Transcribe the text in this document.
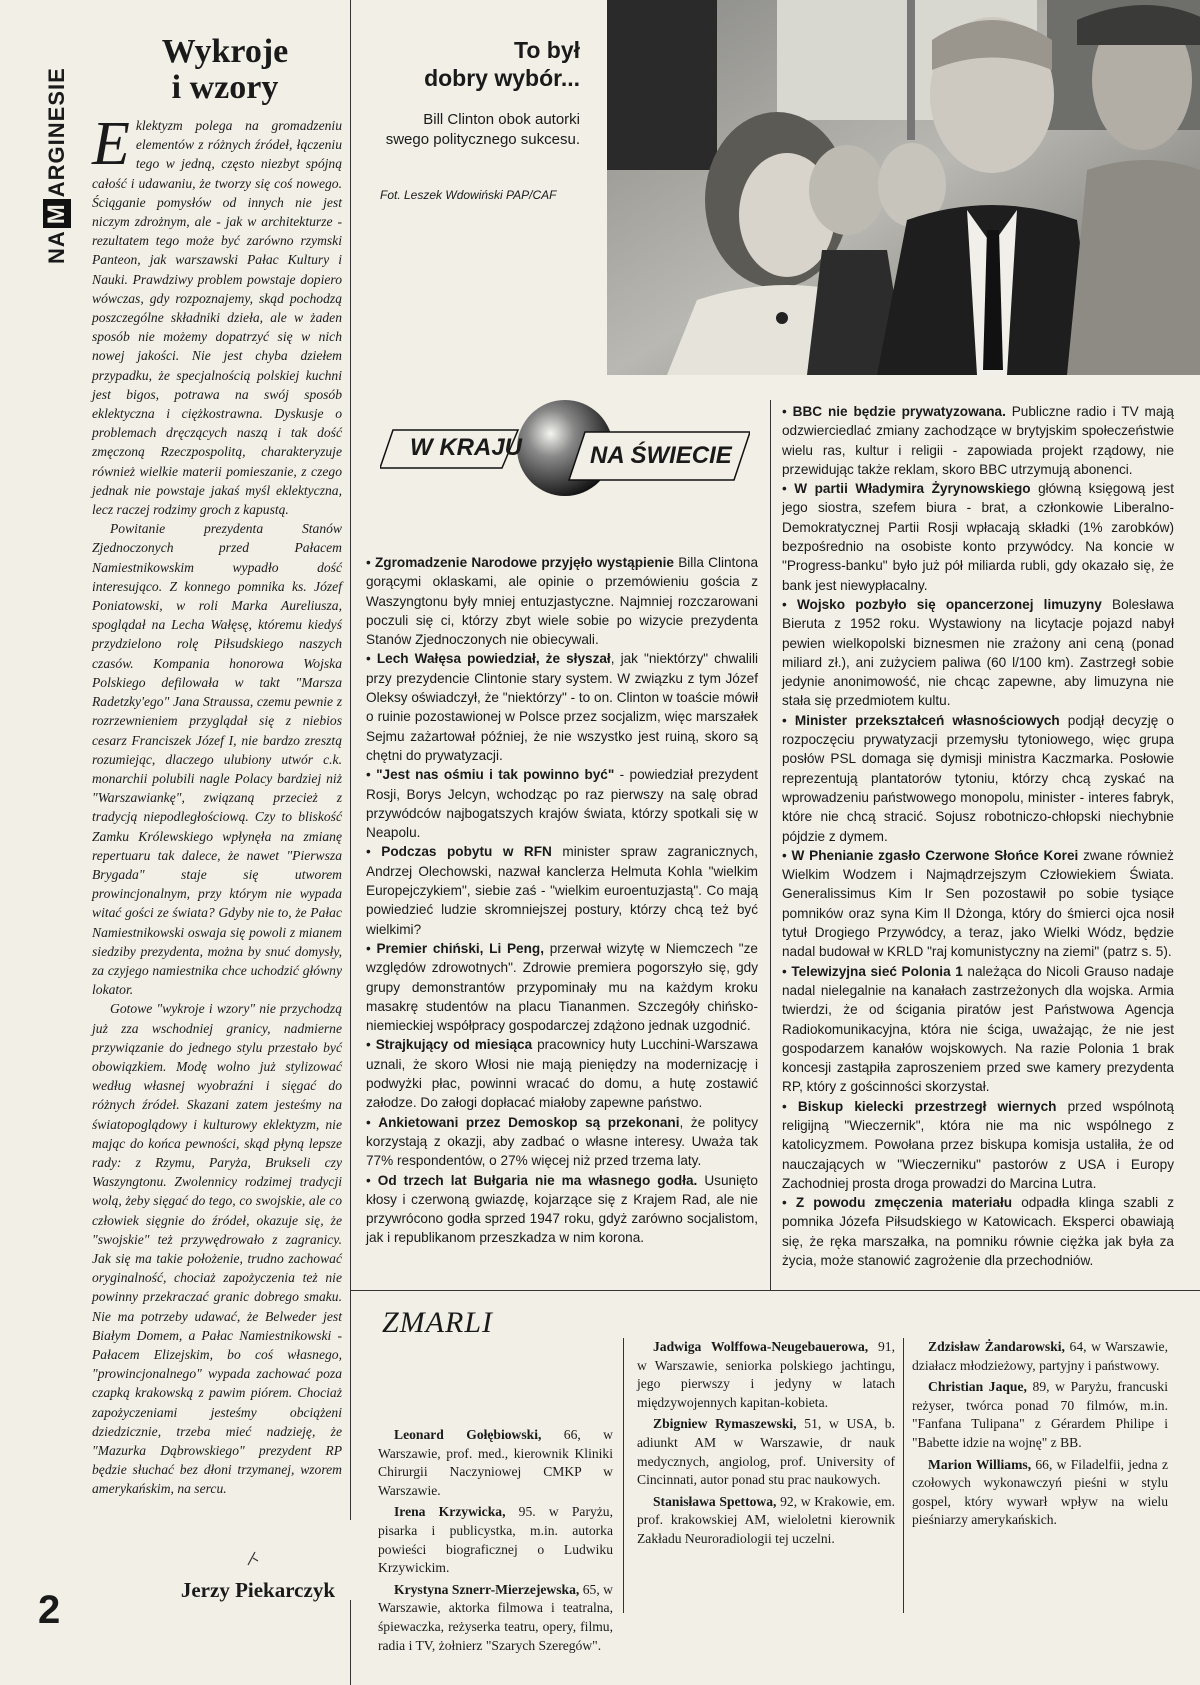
NA
M
ARGINESIE
2
Wykroje
i wzory

Eklektyzm polega na gromadzeniu elementów z różnych źródeł, łączeniu tego w jedną, często niezbyt spójną całość i udawaniu, że tworzy się coś nowego. Ściąganie pomysłów od innych nie jest niczym zdrożnym, ale - jak w architekturze - rezultatem tego może być zarówno rzymski Panteon, jak warszawski Pałac Kultury i Nauki. Prawdziwy problem powstaje dopiero wówczas, gdy rozpoznajemy, skąd pochodzą poszczególne składniki dzieła, ale w żaden sposób nie możemy dopatrzyć się w nich nowej jakości. Nie jest chyba dziełem przypadku, że specjalnością polskiej kuchni jest bigos, potrawa na swój sposób eklektyczna i ciężkostrawna. Dyskusje o problemach dręczących naszą i tak dość zmęczoną Rzeczpospolitą, charakteryzuje również wielkie materii pomieszanie, z czego jednak nie powstaje jakaś myśl eklektyczna, lecz raczej rodzimy groch z kapustą.

Powitanie prezydenta Stanów Zjednoczonych przed Pałacem Namiestnikowskim wypadło dość interesująco. Z konnego pomnika ks. Józef Poniatowski, w roli Marka Aureliusza, spoglądał na Lecha Wałęsę, któremu kiedyś przydzielono rolę Piłsudskiego naszych czasów. Kompania honorowa Wojska Polskiego defilowała w takt "Marsza Radetzky'ego" Jana Straussa, czemu pewnie z rozrzewnieniem przyglądał się z niebios cesarz Franciszek Józef I, nie bardzo zresztą rozumiejąc, dlaczego ulubiony utwór c.k. monarchii polubili nagle Polacy bardziej niż "Warszawiankę", związaną przecież z tradycją niepodległościową. Czy to bliskość Zamku Królewskiego wpłynęła na zmianę repertuaru tak dalece, że nawet "Pierwsza Brygada" staje się utworem prowincjonalnym, przy którym nie wypada witać gości ze świata? Gdyby nie to, że Pałac Namiestnikowski oswaja się powoli z mianem siedziby prezydenta, można by snuć domysły, za czyjego namiestnika chce uchodzić główny lokator.

Gotowe "wykroje i wzory" nie przychodzą już zza wschodniej granicy, nadmierne przywiązanie do jednego stylu przestało być obowiązkiem. Modę wolno już stylizować według własnej wyobraźni i sięgać do różnych źródeł. Skazani zatem jesteśmy na światopoglądowy i kulturowy eklektyzm, nie mając do końca pewności, skąd płyną lepsze rady: z Rzymu, Paryża, Brukseli czy Waszyngtonu. Zwolennicy rodzimej tradycji wolą, żeby sięgać do tego, co swojskie, ale co człowiek sięgnie do źródeł, okazuje się, że "swojskie" też przywędrowało z zagranicy. Jak się ma takie położenie, trudno zachować oryginalność, chociaż zapożyczenia też nie powinny przekraczać granic dobrego smaku. Nie ma potrzeby udawać, że Belweder jest Białym Domem, a Pałac Namiestnikowski - Pałacem Elizejskim, bo coś własnego, "prowincjonalnego" wypada zachować poza czapką krakowską z pawim piórem. Chociaż zapożyczeniami jesteśmy obciążeni dziedzicznie, trzeba mieć nadzieję, że "Mazurka Dąbrowskiego" prezydent RP będzie słuchać bez dłoni trzymanej, wzorem amerykańskim, na sercu.

Jerzy Piekarczyk
To był
dobry wybór...
Bill Clinton obok autorki swego politycznego sukcesu.
Fot. Leszek Wdowiński PAP/CAF
W KRAJU	NA ŚWIECIE

• Zgromadzenie Narodowe przyjęło wystąpienie Billa Clintona gorącymi oklaskami, ale opinie o przemówieniu gościa z Waszyngtonu były mniej entuzjastyczne. Najmniej rozczarowani poczuli się ci, którzy zbyt wiele sobie po wizycie prezydenta Stanów Zjednoczonych nie obiecywali.

• Lech Wałęsa powiedział, że słyszał, jak "niektórzy" chwalili przy prezydencie Clintonie stary system. W związku z tym Józef Oleksy oświadczył, że "niektórzy" - to on. Clinton w toaście mówił o ruinie pozostawionej w Polsce przez socjalizm, więc marszałek Sejmu zażartował później, że nie wszystko jest ruiną, skoro są chętni do prywatyzacji.

• "Jest nas ośmiu i tak powinno być" - powiedział prezydent Rosji, Borys Jelcyn, wchodząc po raz pierwszy na salę obrad przywódców najbogatszych krajów świata, którzy spotkali się w Neapolu.

• Podczas pobytu w RFN minister spraw zagranicznych, Andrzej Olechowski, nazwał kanclerza Helmuta Kohla "wielkim Europejczykiem", siebie zaś - "wielkim euroentuzjastą". Co mają powiedzieć ludzie skromniejszej postury, którzy chcą też być wielkimi?

• Premier chiński, Li Peng, przerwał wizytę w Niemczech "ze względów zdrowotnych". Zdrowie premiera pogorszyło się, gdy grupy demonstrantów przypominały mu na każdym kroku masakrę studentów na placu Tiananmen. Szczegóły chińsko-niemieckiej współpracy gospodarczej zdążono jednak uzgodnić.

• Strajkujący od miesiąca pracownicy huty Lucchini-Warszawa uznali, że skoro Włosi nie mają pieniędzy na modernizację i podwyżki płac, powinni wracać do domu, a hutę zostawić załodze. Do załogi dopłacać miałoby zapewne państwo.

• Ankietowani przez Demoskop są przekonani, że politycy korzystają z okazji, aby zadbać o własne interesy. Uważa tak 77% respondentów, o 27% więcej niż przed trzema laty.

• Od trzech lat Bułgaria nie ma własnego godła. Usunięto kłosy i czerwoną gwiazdę, kojarzące się z Krajem Rad, ale nie przywrócono godła sprzed 1947 roku, gdyż zarówno socjalistom, jak i republikanom przeszkadza w nim korona.

• BBC nie będzie prywatyzowana. Publiczne radio i TV mają odzwierciedlać zmiany zachodzące w brytyjskim społeczeństwie wielu ras, kultur i religii - zapowiada projekt rządowy, nie przewidując także reklam, skoro BBC utrzymują abonenci.

• W partii Władymira Żyrynowskiego główną księgową jest jego siostra, szefem biura - brat, a członkowie Liberalno-Demokratycznej Partii Rosji wpłacają składki (1% zarobków) bezpośrednio na osobiste konto przywódcy. Na koncie w "Progress-banku" było już pół miliarda rubli, gdy okazało się, że bank jest niewypłacalny.

• Wojsko pozbyło się opancerzonej limuzyny Bolesława Bieruta z 1952 roku. Wystawiony na licytacje pojazd nabył pewien wielkopolski biznesmen nie zrażony ani ceną (ponad miliard zł.), ani zużyciem paliwa (60 l/100 km). Zastrzegł sobie jedynie anonimowość, nie chcąc zapewne, aby limuzyna nie stała się przedmiotem kultu.

• Minister przekształceń własnościowych podjął decyzję o rozpoczęciu prywatyzacji przemysłu tytoniowego, więc grupa posłów PSL domaga się dymisji ministra Kaczmarka. Posłowie reprezentują plantatorów tytoniu, którzy chcą zyskać na wprowadzeniu państwowego monopolu, minister - interes fabryk, które nie chcą stracić. Sojusz robotniczo-chłopski niechybnie pójdzie z dymem.

• W Phenianie zgasło Czerwone Słońce Korei zwane również Wielkim Wodzem i Najmądrzejszym Człowiekiem Świata. Generalissimus Kim Ir Sen pozostawił po sobie tysiące pomników oraz syna Kim Il Dżonga, który do śmierci ojca nosił tytuł Drogiego Przywódcy, a teraz, jako Wielki Wódz, będzie nadal budował w KRLD "raj komunistyczny na ziemi" (patrz s. 5).

• Telewizyjna sieć Polonia 1 należąca do Nicoli Grauso nadaje nadal nielegalnie na kanałach zastrzeżonych dla wojska. Armia twierdzi, że od ścigania piratów jest Państwowa Agencja Radiokomunikacyjna, która nie ściga, uważając, że nie jest gospodarzem kanałów wojskowych. Na razie Polonia 1 brak koncesji zastąpiła zaproszeniem przed swe kamery prezydenta RP, który z gościnności skorzystał.

• Biskup kielecki przestrzegł wiernych przed wspólnotą religijną "Wieczernik", która nie ma nic wspólnego z katolicyzmem. Powołana przez biskupa komisja ustaliła, że od nauczających w "Wieczerniku" pastorów z USA i Europy Zachodniej prosta droga prowadzi do Marcina Lutra.

• Z powodu zmęczenia materiału odpadła klinga szabli z pomnika Józefa Piłsudskiego w Katowicach. Eksperci obawiają się, że ręka marszałka, na pomniku równie ciężka jak była za życia, może stanowić zagrożenie dla przechodniów.

ZMARLI

Leonard Gołębiowski, 66, w Warszawie, prof. med., kierownik Kliniki Chirurgii Naczyniowej CMKP w Warszawie.

Irena Krzywicka, 95. w Paryżu, pisarka i publicystka, m.in. autorka powieści biograficznej o Ludwiku Krzywickim.

Krystyna Sznerr-Mierzejewska, 65, w Warszawie, aktorka filmowa i teatralna, śpiewaczka, reżyserka teatru, opery, filmu, radia i TV, żołnierz "Szarych Szeregów".

Jadwiga Wolffowa-Neugebauerowa, 91, w Warszawie, seniorka polskiego jachtingu, jego pierwszy i jedyny w latach międzywojennych kapitan-kobieta.

Zbigniew Rymaszewski, 51, w USA, b. adiunkt AM w Warszawie, dr nauk medycznych, angiolog, prof. University of Cincinnati, autor ponad stu prac naukowych.

Stanisława Spettowa, 92, w Krakowie, em. prof. krakowskiej AM, wieloletni kierownik Zakładu Neuroradiologii tej uczelni.

Zdzisław Żandarowski, 64, w Warszawie, działacz młodzieżowy, partyjny i państwowy.

Christian Jaque, 89, w Paryżu, francuski reżyser, twórca ponad 70 filmów, m.in. "Fanfana Tulipana" z Gérardem Philipe i "Babette idzie na wojnę" z BB.

Marion Williams, 66, w Filadelfii, jedna z czołowych wykonawczyń pieśni w stylu gospel, który wywarł wpływ na wielu pieśniarzy amerykańskich.
